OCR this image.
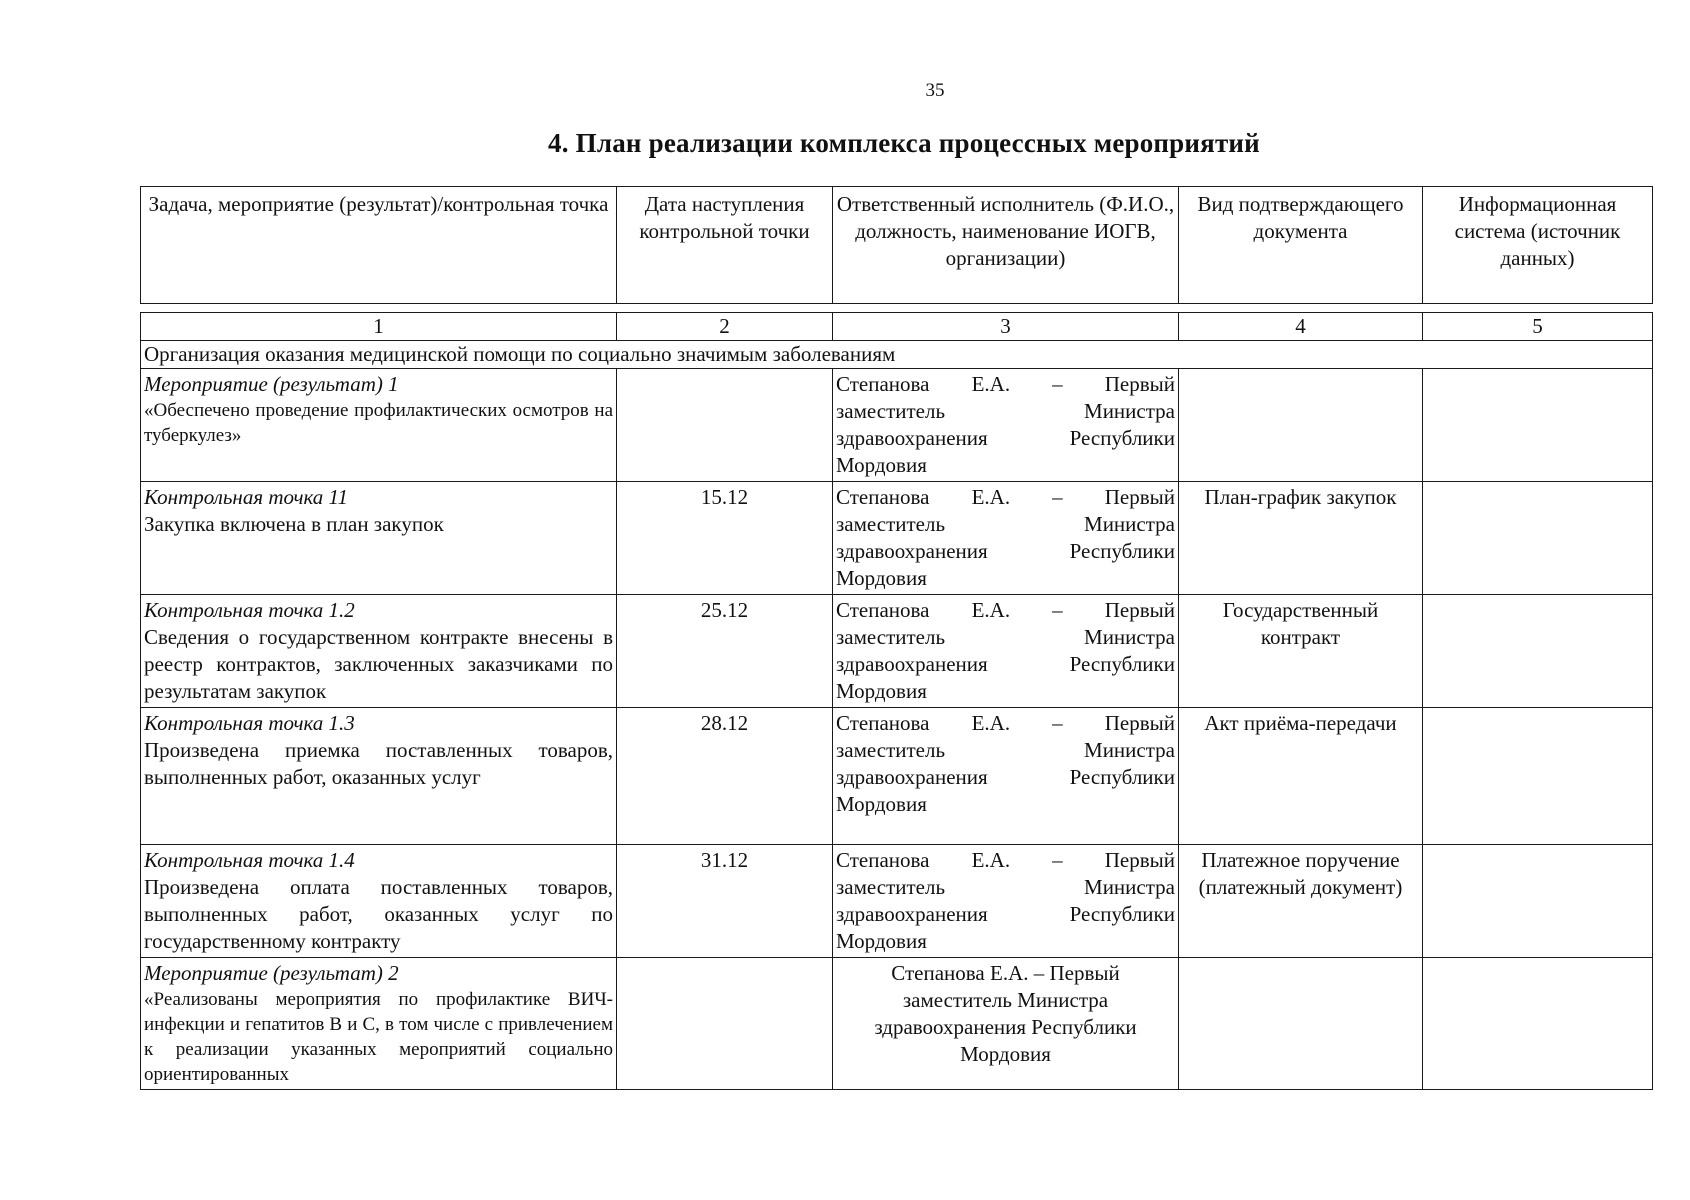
35
4. План реализации комплекса процессных мероприятий
Задача, мероприятие (результат)/контрольная точка	Дата наступления контрольной точки	Ответственный исполнитель (Ф.И.О., должность, наименование ИОГВ, организации)	Вид подтверждающего документа	Информационная система (источник данных)

1	2	3	4	5
Организация оказания медицинской помощи по социально значимым заболеваниям				

Мероприятие (результат) 1
«Обеспечено проведение профилактических осмотров на туберкулез»		Степанова Е.А. – Первый заместитель Министра здравоохранения Республики Мордовия		

Контрольная точка 11
Закупка включена в план закупок	15.12	Степанова Е.А. – Первый заместитель Министра здравоохранения Республики Мордовия	План-график закупок	

Контрольная точка 1.2
Сведения о государственном контракте внесены в реестр контрактов, заключенных заказчиками по результатам закупок	25.12	Степанова Е.А. – Первый заместитель Министра здравоохранения Республики Мордовия	Государственный контракт	

Контрольная точка 1.3
Произведена приемка поставленных товаров, выполненных работ, оказанных услуг	28.12	Степанова Е.А. – Первый заместитель Министра здравоохранения Республики Мордовия	Акт приёма-передачи	

Контрольная точка 1.4
Произведена оплата поставленных товаров, выполненных работ, оказанных услуг по государственному контракту	31.12	Степанова Е.А. – Первый заместитель Министра здравоохранения Республики Мордовия	Платежное поручение (платежный документ)	

Мероприятие (результат) 2
«Реализованы мероприятия по профилактике ВИЧ-инфекции и гепатитов B и C, в том числе с привлечением к реализации указанных мероприятий социально ориентированных		Степанова Е.А. – Первый заместитель Министра здравоохранения Республики Мордовия		
